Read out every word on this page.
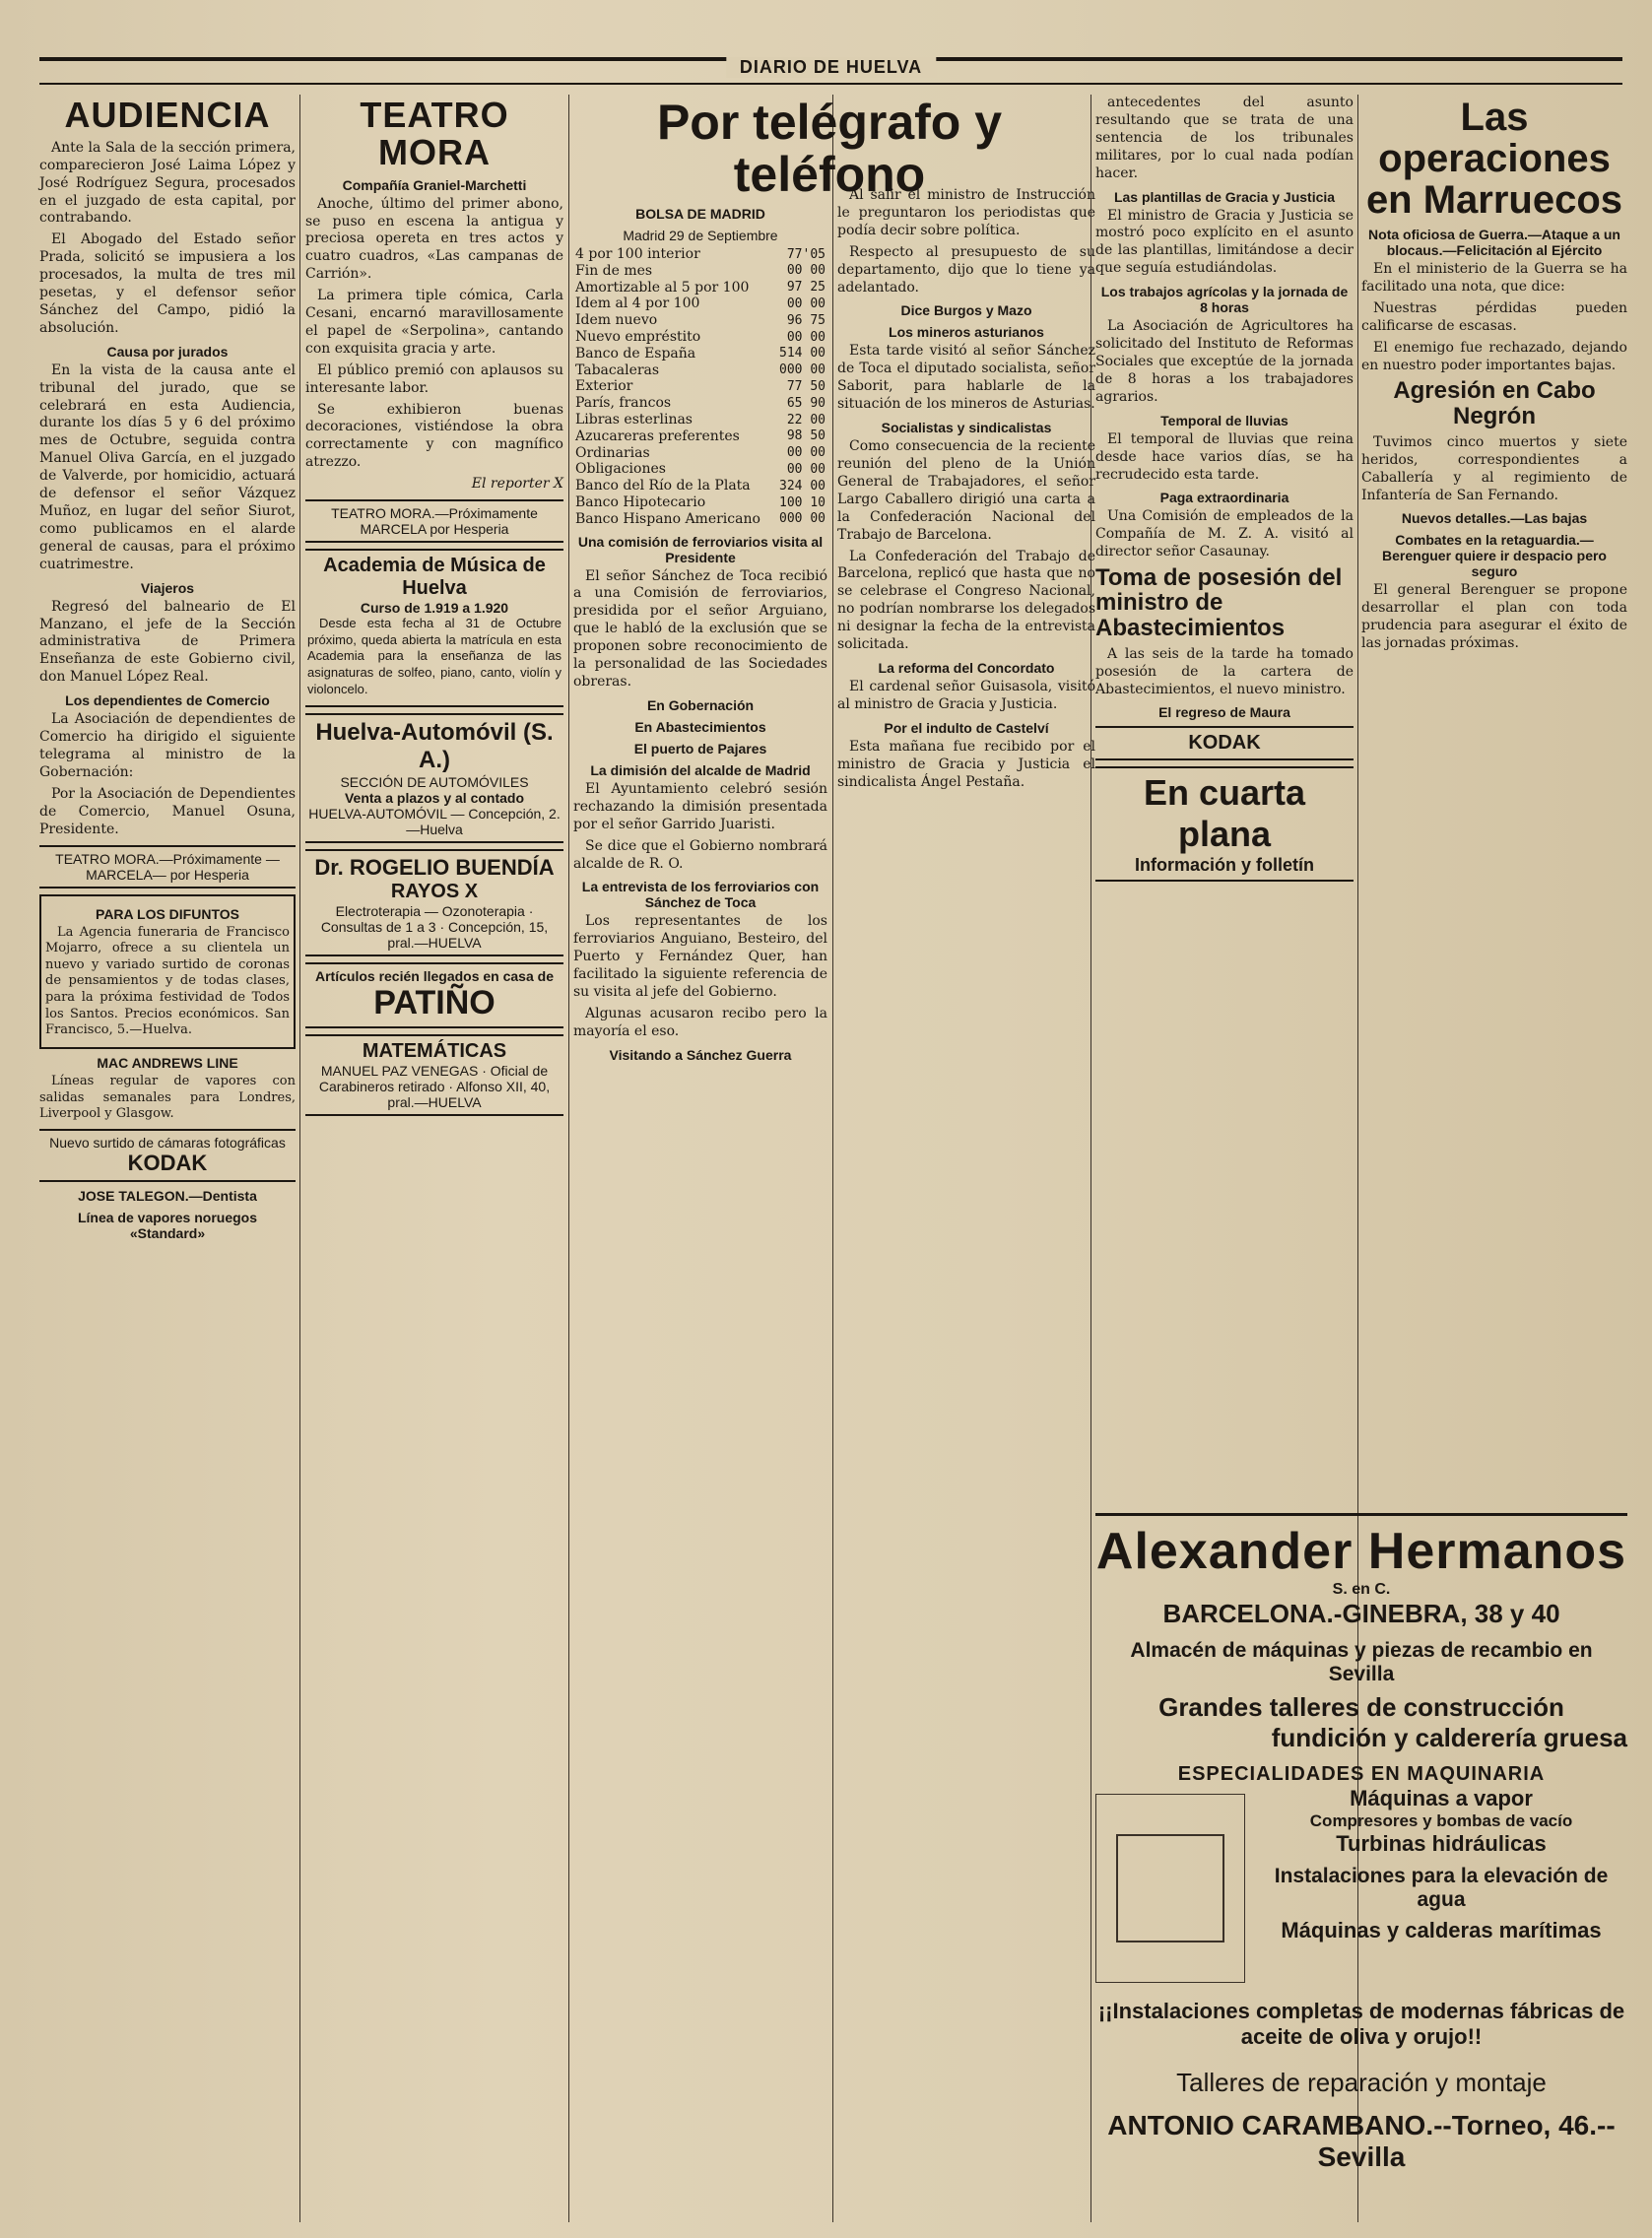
DIARIO DE HUELVA
AUDIENCIA

Ante la Sala de la sección primera, comparecieron José Laima López y José Rodríguez Segura, procesados en el juzgado de esta capital, por contrabando.

El Abogado del Estado señor Prada, solicitó se impusiera a los procesados, la multa de tres mil pesetas, y el defensor señor Sánchez del Campo, pidió la absolución.

Causa por jurados

En la vista de la causa ante el tribunal del jurado, que se celebrará en esta Audiencia, durante los días 5 y 6 del próximo mes de Octubre, seguida contra Manuel Oliva García, en el juzgado de Valverde, por homicidio, actuará de defensor el señor Vázquez Muñoz, en lugar del señor Siurot, como publicamos en el alarde general de causas, para el próximo cuatrimestre.

Viajeros

Regresó del balneario de El Manzano, el jefe de la Sección administrativa de Primera Enseñanza de este Gobierno civil, don Manuel López Real.

Los dependientes de Comercio

La Asociación de dependientes de Comercio ha dirigido el siguiente telegrama al ministro de la Gobernación:

Por la Asociación de Dependientes de Comercio, Manuel Osuna, Presidente.

TEATRO MORA.—Próximamente —MARCELA— por Hesperia
PARA LOS DIFUNTOS

La Agencia funeraria de Francisco Mojarro, ofrece a su clientela un nuevo y variado surtido de coronas de pensamientos y de todas clases, para la próxima festividad de Todos los Santos. Precios económicos. San Francisco, 5.—Huelva.

MAC ANDREWS LINE

Líneas regular de vapores con salidas semanales para Londres, Liverpool y Glasgow.

Nuevo surtido de cámaras fotográficas
KODAK
JOSE TALEGON.—Dentista
Línea de vapores noruegos «Standard»
TEATRO MORA
Compañía Graniel-Marchetti

Anoche, último del primer abono, se puso en escena la antigua y preciosa opereta en tres actos y cuatro cuadros, «Las campanas de Carrión».

La primera tiple cómica, Carla Cesani, encarnó maravillosamente el papel de «Serpolina», cantando con exquisita gracia y arte.

El público premió con aplausos su interesante labor.

Se exhibieron buenas decoraciones, vistiéndose la obra correctamente y con magnífico atrezzo.

El reporter X

TEATRO MORA.—Próximamente MARCELA por Hesperia
Academia de Música de Huelva
Curso de 1.919 a 1.920

Desde esta fecha al 31 de Octubre próximo, queda abierta la matrícula en esta Academia para la enseñanza de las asignaturas de solfeo, piano, canto, violín y violoncelo.

Huelva-Automóvil (S. A.)
SECCIÓN DE AUTOMÓVILES
Venta a plazos y al contado
HUELVA-AUTOMÓVIL — Concepción, 2.—Huelva
Dr. ROGELIO BUENDÍA
RAYOS X
Electroterapia — Ozonoterapia · Consultas de 1 a 3 · Concepción, 15, pral.—HUELVA
Artículos recién llegados en casa de
PATIÑO
MATEMÁTICAS
MANUEL PAZ VENEGAS · Oficial de Carabineros retirado · Alfonso XII, 40, pral.—HUELVA
Por telégrafo y teléfono
BOLSA DE MADRID
Madrid 29 de Septiembre
4 por 100 interior	77'05
Fin de mes	00 00
Amortizable al 5 por 100	97 25
Idem al 4 por 100	00 00
Idem nuevo	96 75
Nuevo empréstito	00 00
Banco de España	514 00
Tabacaleras	000 00
Exterior	77 50
París, francos	65 90
Libras esterlinas	22 00
Azucareras preferentes	98 50
Ordinarias	00 00
Obligaciones	00 00
Banco del Río de la Plata	324 00
Banco Hipotecario	100 10
Banco Hispano Americano	000 00
Una comisión de ferroviarios visita al Presidente

El señor Sánchez de Toca recibió a una Comisión de ferroviarios, presidida por el señor Arguiano, que le habló de la exclusión que se proponen sobre reconocimiento de la personalidad de las Sociedades obreras.

En Gobernación
En Abastecimientos
El puerto de Pajares
La dimisión del alcalde de Madrid

El Ayuntamiento celebró sesión rechazando la dimisión presentada por el señor Garrido Juaristi.

Se dice que el Gobierno nombrará alcalde de R. O.

La entrevista de los ferroviarios con Sánchez de Toca

Los representantes de los ferroviarios Anguiano, Besteiro, del Puerto y Fernández Quer, han facilitado la siguiente referencia de su visita al jefe del Gobierno.

Algunas acusaron recibo pero la mayoría el eso.

Visitando a Sánchez Guerra

Al salir el ministro de Instrucción le preguntaron los periodistas que podía decir sobre política.

Respecto al presupuesto de su departamento, dijo que lo tiene ya adelantado.

Dice Burgos y Mazo
Los mineros asturianos

Esta tarde visitó al señor Sánchez de Toca el diputado socialista, señor Saborit, para hablarle de la situación de los mineros de Asturias.

Socialistas y sindicalistas

Como consecuencia de la reciente reunión del pleno de la Unión General de Trabajadores, el señor Largo Caballero dirigió una carta a la Confederación Nacional del Trabajo de Barcelona.

La Confederación del Trabajo de Barcelona, replicó que hasta que no se celebrase el Congreso Nacional, no podrían nombrarse los delegados ni designar la fecha de la entrevista solicitada.

La reforma del Concordato

El cardenal señor Guisasola, visitó al ministro de Gracia y Justicia.

Por el indulto de Castelví

Esta mañana fue recibido por el ministro de Gracia y Justicia el sindicalista Ángel Pestaña.

antecedentes del asunto resultando que se trata de una sentencia de los tribunales militares, por lo cual nada podían hacer.

Las plantillas de Gracia y Justicia

El ministro de Gracia y Justicia se mostró poco explícito en el asunto de las plantillas, limitándose a decir que seguía estudiándolas.

Los trabajos agrícolas y la jornada de 8 horas

La Asociación de Agricultores ha solicitado del Instituto de Reformas Sociales que exceptúe de la jornada de 8 horas a los trabajadores agrarios.

Temporal de lluvias

El temporal de lluvias que reina desde hace varios días, se ha recrudecido esta tarde.

Paga extraordinaria

Una Comisión de empleados de la Compañía de M. Z. A. visitó al director señor Casaunay.

Toma de posesión del ministro de Abastecimientos

A las seis de la tarde ha tomado posesión de la cartera de Abastecimientos, el nuevo ministro.

El regreso de Maura
KODAK
En cuarta plana
Información y folletín
Las operaciones en Marruecos
Nota oficiosa de Guerra.—Ataque a un blocaus.—Felicitación al Ejército

En el ministerio de la Guerra se ha facilitado una nota, que dice:

Nuestras pérdidas pueden calificarse de escasas.

El enemigo fue rechazado, dejando en nuestro poder importantes bajas.

Agresión en Cabo Negrón

Tuvimos cinco muertos y siete heridos, correspondientes a Caballería y al regimiento de Infantería de San Fernando.

Nuevos detalles.—Las bajas
Combates en la retaguardia.—Berenguer quiere ir despacio pero seguro

El general Berenguer se propone desarrollar el plan con toda prudencia para asegurar el éxito de las jornadas próximas.

Alexander Hermanos
S. en C.
BARCELONA.-GINEBRA, 38 y 40
Almacén de máquinas y piezas de recambio en Sevilla
Grandes talleres de construcción
fundición y calderería gruesa
ESPECIALIDADES EN MAQUINARIA
Máquinas a vapor
Compresores y bombas de vacío
Turbinas hidráulicas
Instalaciones para la elevación de agua
Máquinas y calderas marítimas
¡¡Instalaciones completas de modernas fábricas de aceite de oliva y orujo!!
Talleres de reparación y montaje
ANTONIO CARAMBANO.--Torneo, 46.--Sevilla
